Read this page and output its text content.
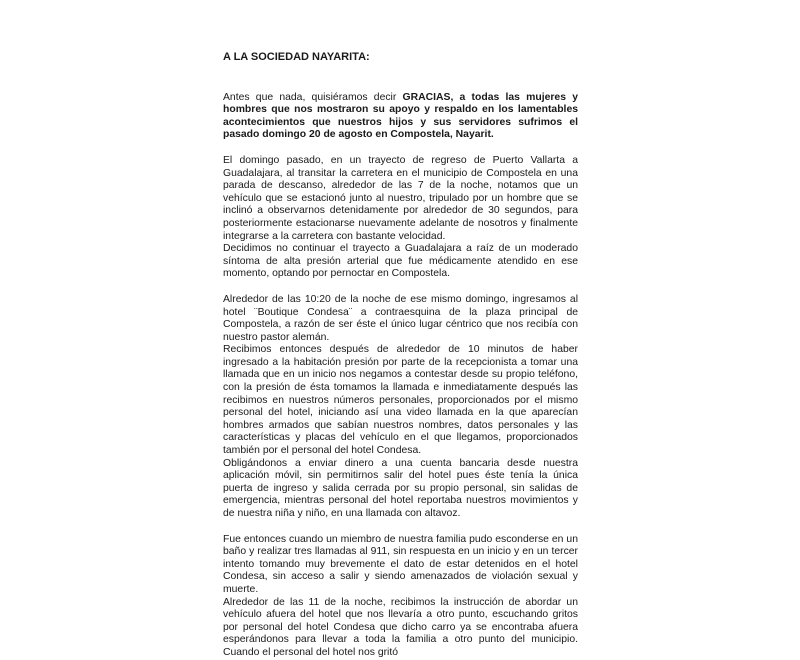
A LA SOCIEDAD NAYARITA:

Antes que nada, quisiéramos decir GRACIAS, a todas las mujeres y hombres que nos mostraron su apoyo y respaldo en los lamentables acontecimientos que nuestros hijos y sus servidores sufrimos el pasado domingo 20 de agosto en Compostela, Nayarit.

El domingo pasado, en un trayecto de regreso de Puerto Vallarta a Guadalajara, al transitar la carretera en el municipio de Compostela en una parada de descanso, alrededor de las 7 de la noche, notamos que un vehículo que se estacionó junto al nuestro, tripulado por un hombre que se inclinó a observarnos detenidamente por alrededor de 30 segundos, para posteriormente estacionarse nuevamente adelante de nosotros y finalmente integrarse a la carretera con bastante velocidad.

Decidimos no continuar el trayecto a Guadalajara a raíz de un moderado síntoma de alta presión arterial que fue médicamente atendido en ese momento, optando por pernoctar en Compostela.

Alrededor de las 10:20 de la noche de ese mismo domingo, ingresamos al hotel ¨Boutique Condesa¨ a contraesquina de la plaza principal de Compostela, a razón de ser éste el único lugar céntrico que nos recibía con nuestro pastor alemán.

Recibimos entonces después de alrededor de 10 minutos de haber ingresado a la habitación presión por parte de la recepcionista a tomar una llamada que en un inicio nos negamos a contestar desde su propio teléfono, con la presión de ésta tomamos la llamada e inmediatamente después las recibimos en nuestros números personales, proporcionados por el mismo personal del hotel, iniciando así una video llamada en la que aparecían hombres armados que sabían nuestros nombres, datos personales y las características y placas del vehículo en el que llegamos, proporcionados también por el personal del hotel Condesa.

Obligándonos a enviar dinero a una cuenta bancaria desde nuestra aplicación móvil, sin permitirnos salir del hotel pues éste tenía la única puerta de ingreso y salida cerrada por su propio personal, sin salidas de emergencia, mientras personal del hotel reportaba nuestros movimientos y de nuestra niña y niño, en una llamada con altavoz.

Fue entonces cuando un miembro de nuestra familia pudo esconderse en un baño y realizar tres llamadas al 911, sin respuesta en un inicio y en un tercer intento tomando muy brevemente el dato de estar detenidos en el hotel Condesa, sin acceso a salir y siendo amenazados de violación sexual y muerte.

Alrededor de las 11 de la noche, recibimos la instrucción de abordar un vehículo afuera del hotel que nos llevaría a otro punto, escuchando gritos por personal del hotel Condesa que dicho carro ya se encontraba afuera esperándonos para llevar a toda la familia a otro punto del municipio. Cuando el personal del hotel nos gritó
